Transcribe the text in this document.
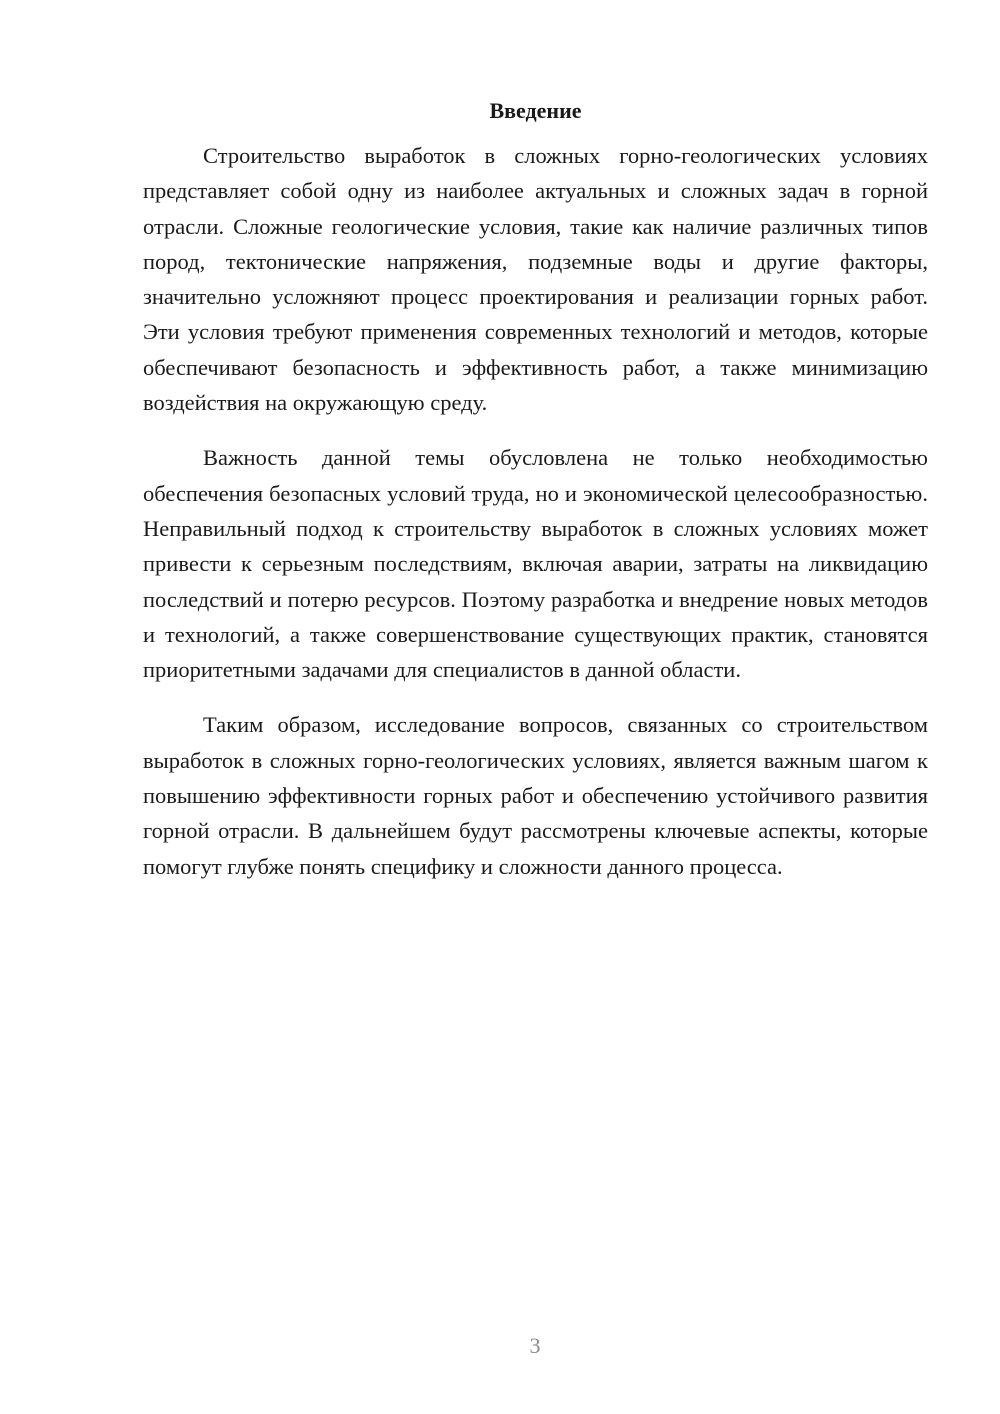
Введение

Строительство выработок в сложных горно-геологических условиях представляет собой одну из наиболее актуальных и сложных задач в горной отрасли. Сложные геологические условия, такие как наличие различных типов пород, тектонические напряжения, подземные воды и другие факторы, значительно усложняют процесс проектирования и реализации горных работ. Эти условия требуют применения современных технологий и методов, которые обеспечивают безопасность и эффективность работ, а также минимизацию воздействия на окружающую среду.

Важность данной темы обусловлена не только необходимостью обеспечения безопасных условий труда, но и экономической целесообразностью. Неправильный подход к строительству выработок в сложных условиях может привести к серьезным последствиям, включая аварии, затраты на ликвидацию последствий и потерю ресурсов. Поэтому разработка и внедрение новых методов и технологий, а также совершенствование существующих практик, становятся приоритетными задачами для специалистов в данной области.

Таким образом, исследование вопросов, связанных со строительством выработок в сложных горно-геологических условиях, является важным шагом к повышению эффективности горных работ и обеспечению устойчивого развития горной отрасли. В дальнейшем будут рассмотрены ключевые аспекты, которые помогут глубже понять специфику и сложности данного процесса.

3
